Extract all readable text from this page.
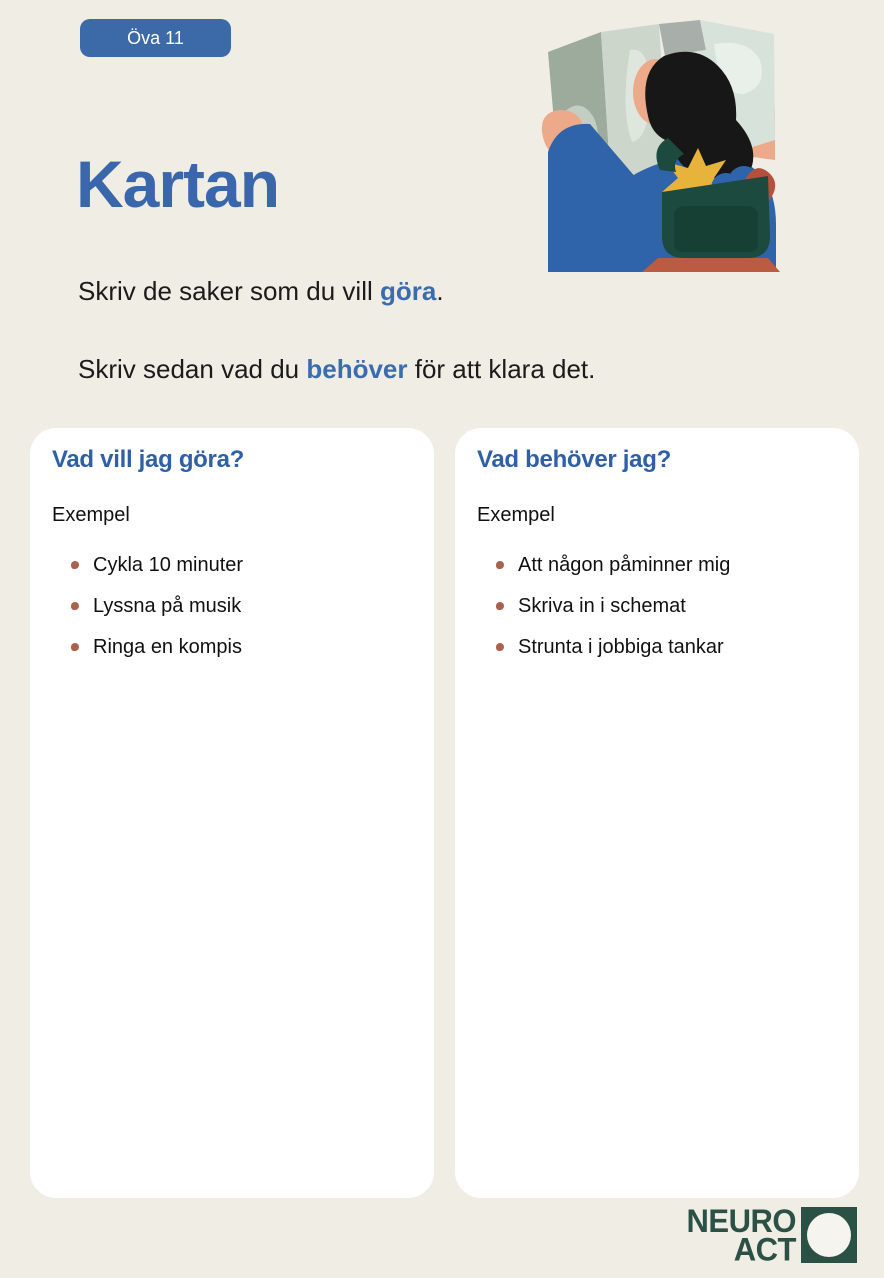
Öva 11
Kartan

Skriv de saker som du vill göra.

Skriv sedan vad du behöver för att klara det.

Vad vill jag göra?
Exempel
Cykla 10 minuter
Lyssna på musik
Ringa en kompis
Vad behöver jag?
Exempel
Att någon påminner mig
Skriva in i schemat
Strunta i jobbiga tankar
NEURO
ACT
